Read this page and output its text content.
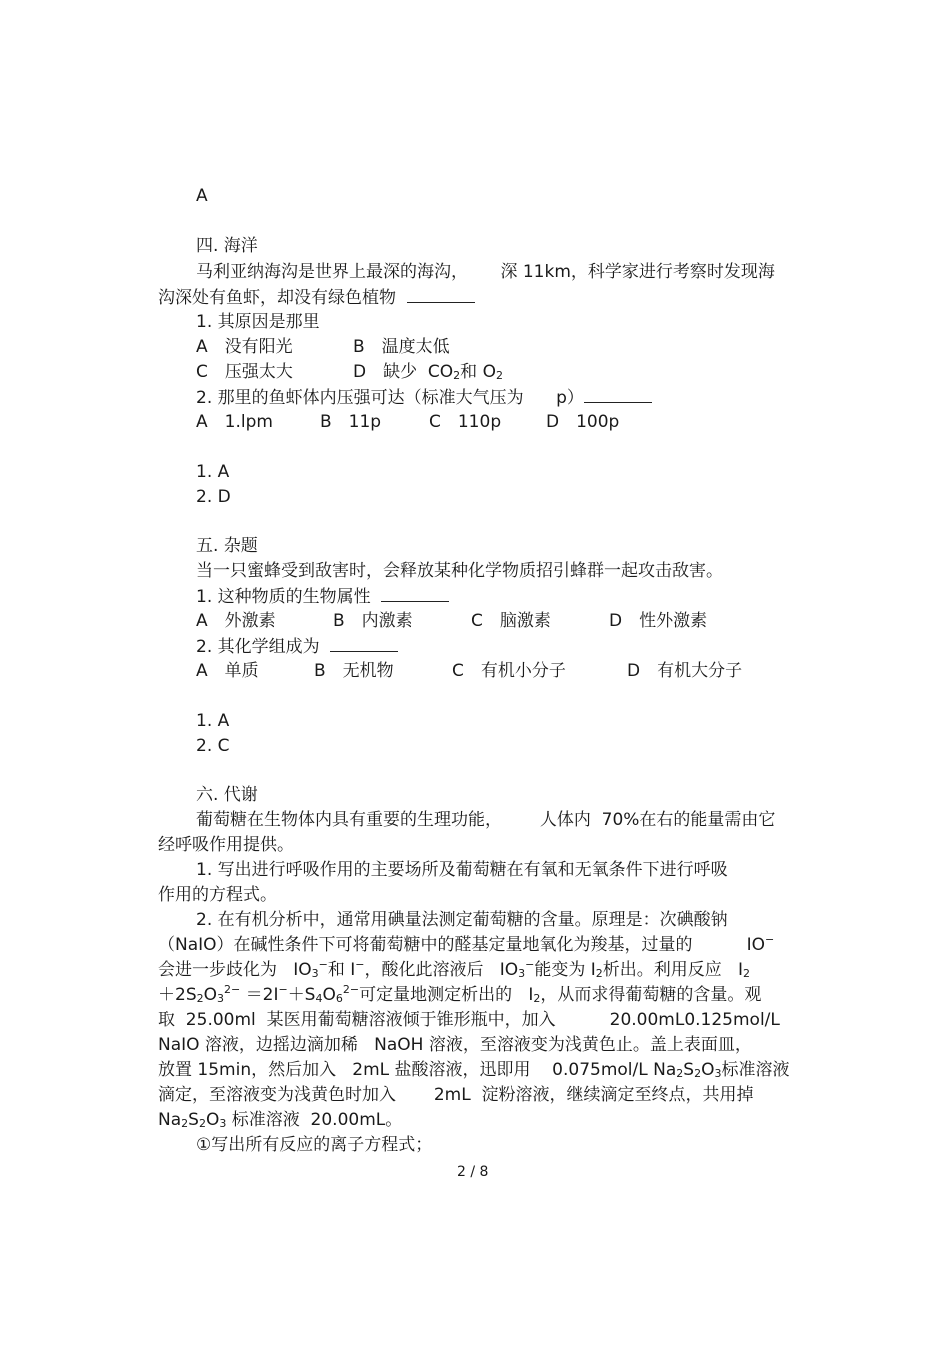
A
四. 海洋
马利亚纳海沟是世界上最深的海沟， 深 11km，科学家进行考察时发现海
沟深处有鱼虾，却没有绿色植物
1. 其原因是那里
A　没有阳光	B　温度太低
C　压强太大	D　缺少 $CO_2$和 $O_2$
2. 那里的鱼虾体内压强可达（标准大气压为 p）
A　1.lpm	B　11p	C　110p	D　100p
1. A
2. D
五. 杂题
当一只蜜蜂受到敌害时，会释放某种化学物质招引蜂群一起攻击敌害。
1. 这种物质的生物属性
A　外激素	B　内激素	C　脑激素	D　性外激素
2. 其化学组成为
A　单质	B　无机物	C　有机小分子	D　有机大分子
1. A
2. C
六. 代谢
葡萄糖在生物体内具有重要的生理功能， 人体内  70%在右的能量需由它
经呼吸作用提供。
1. 写出进行呼吸作用的主要场所及葡萄糖在有氧和无氧条件下进行呼吸
作用的方程式。
2. 在有机分析中，通常用碘量法测定葡萄糖的含量。原理是：次碘酸钠
（NaIO）在碱性条件下可将葡萄糖中的醛基定量地氧化为羧基，过量的	IO−
会进一步歧化为 $IO_3^-$和 I−，酸化此溶液后 $IO_3^-$能变为 $I_2$析出。利用反应 $I_2$
$+2S_2O_3^{2-} =2I^-+S_4O_6^{2-}$可定量地测定析出的 $I_2$，从而求得葡萄糖的含量。观
取  25.00ml  某医用葡萄糖溶液倾于锥形瓶中，加入	20.00mL0.125mol/L
NaIO 溶液，边摇边滴加稀   NaOH 溶液，至溶液变为浅黄色止。盖上表面皿，
放置 15min，然后加入   2mL 盐酸溶液，迅即用    0.075mol/L $Na_2S_2O_3$标准溶液
滴定，至溶液变为浅黄色时加入 2mL  淀粉溶液，继续滴定至终点，共用掉
$Na_2S_2O_3$ 标准溶液  20.00mL。
①写出所有反应的离子方程式；
2 / 8
